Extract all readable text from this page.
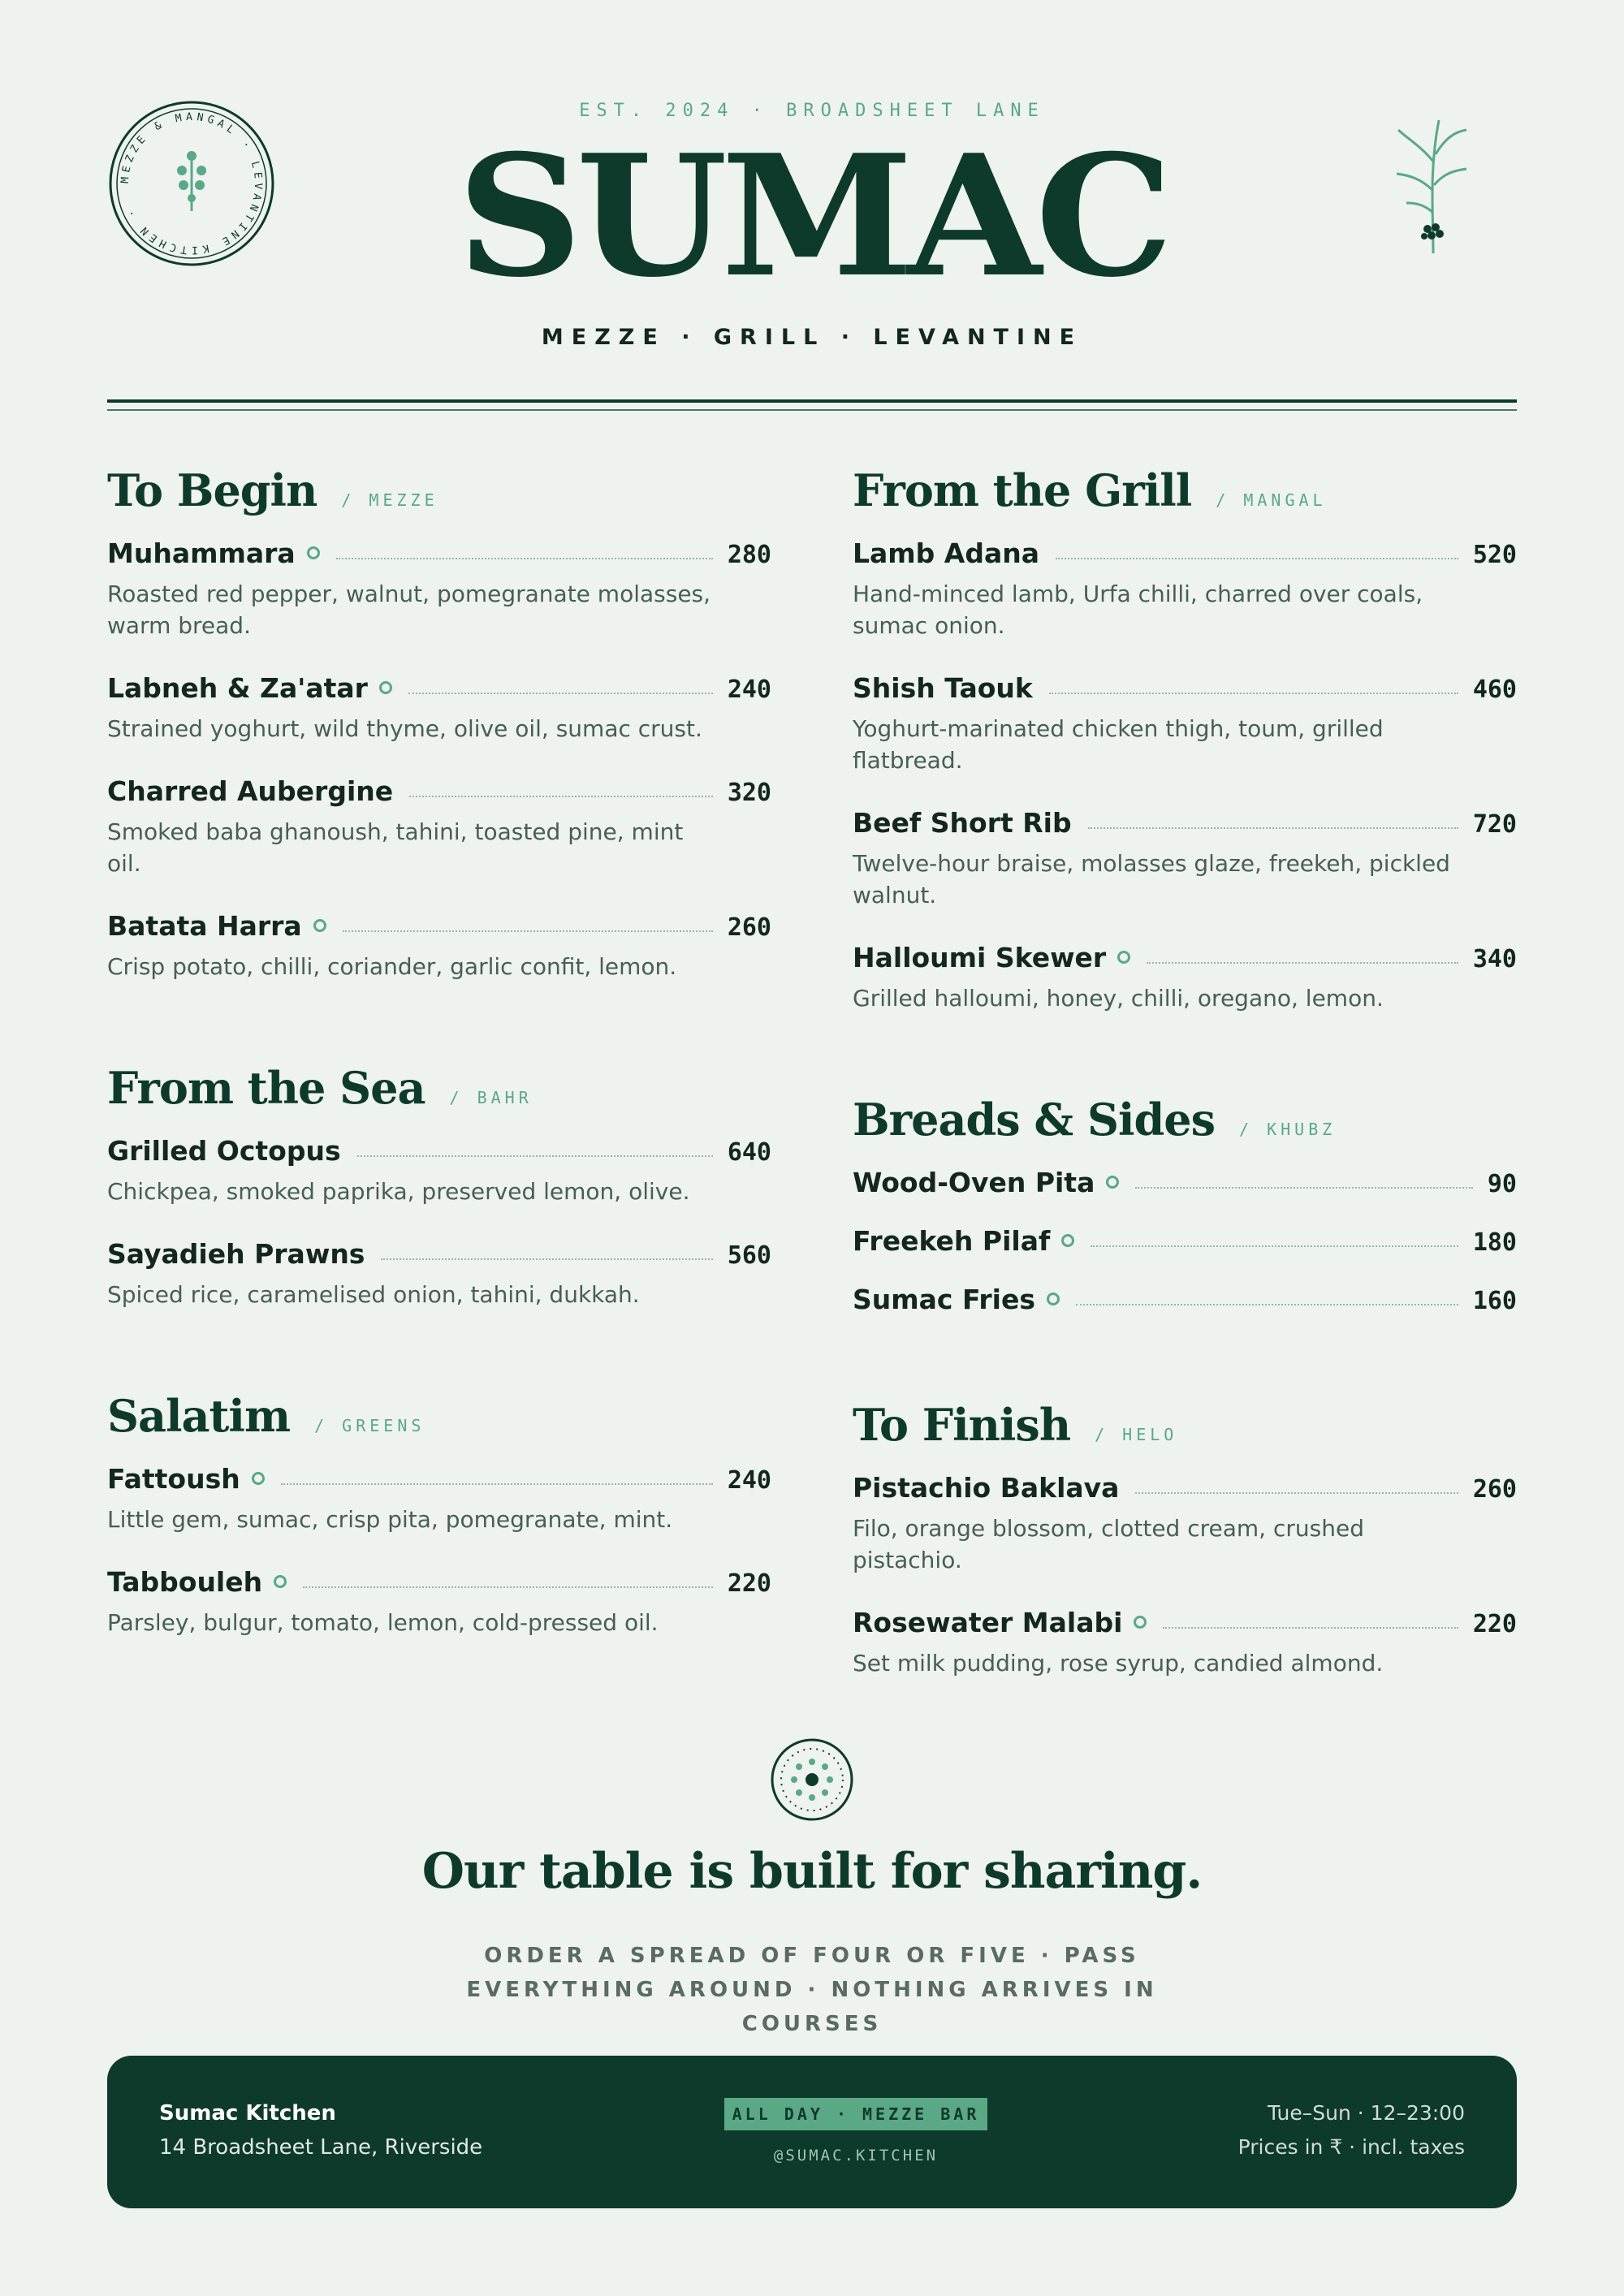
MEZZE & MANGAL · LEVANTINE KITCHEN ·
EST. 2024 · BROADSHEET LANE
SUMAC
MEZZE · GRILL · LEVANTINE
To Begin / MEZZE
Muhammara	280
Roasted red pepper, walnut, pomegranate molasses, warm bread.
Labneh & Za'atar	240
Strained yoghurt, wild thyme, olive oil, sumac crust.
Charred Aubergine	320
Smoked baba ghanoush, tahini, toasted pine, mint oil.
Batata Harra	260
Crisp potato, chilli, coriander, garlic confit, lemon.
From the Sea / BAHR
Grilled Octopus	640
Chickpea, smoked paprika, preserved lemon, olive.
Sayadieh Prawns	560
Spiced rice, caramelised onion, tahini, dukkah.
Salatim / GREENS
Fattoush	240
Little gem, sumac, crisp pita, pomegranate, mint.
Tabbouleh	220
Parsley, bulgur, tomato, lemon, cold-pressed oil.
From the Grill / MANGAL
Lamb Adana	520
Hand-minced lamb, Urfa chilli, charred over coals, sumac onion.
Shish Taouk	460
Yoghurt-marinated chicken thigh, toum, grilled flatbread.
Beef Short Rib	720
Twelve-hour braise, molasses glaze, freekeh, pickled walnut.
Halloumi Skewer	340
Grilled halloumi, honey, chilli, oregano, lemon.
Breads & Sides / KHUBZ
Wood-Oven Pita	90
Freekeh Pilaf	180
Sumac Fries	160
To Finish / HELO
Pistachio Baklava	260
Filo, orange blossom, clotted cream, crushed pistachio.
Rosewater Malabi	220
Set milk pudding, rose syrup, candied almond.
Our table is built for sharing.
ORDER A SPREAD OF FOUR OR FIVE · PASS EVERYTHING AROUND · NOTHING ARRIVES IN COURSES
Sumac Kitchen
14 Broadsheet Lane, Riverside
ALL DAY · MEZZE BAR
@SUMAC.KITCHEN
Tue–Sun · 12–23:00
Prices in ₹ · incl. taxes
